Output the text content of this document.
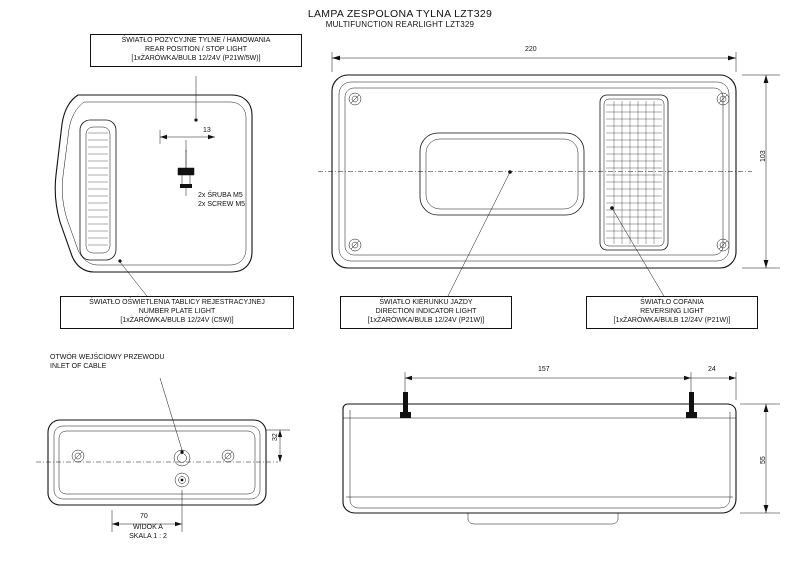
LAMPA ZESPOLONA TYLNA LZT329
MULTIFUNCTION REARLIGHT LZT329
ŚWIATŁO POZYCYJNE TYLNE / HAMOWANIA
REAR POSITION / STOP LIGHT
[1xŻARÓWKA/BULB 12/24V (P21W/5W)]
ŚWIATŁO OŚWIETLENIA TABLICY REJESTRACYJNEJ
NUMBER PLATE LIGHT
[1xŻARÓWKA/BULB 12/24V (C5W)]
ŚWIATŁO KIERUNKU JAZDY
DIRECTION INDICATOR LIGHT
[1xŻARÓWKA/BULB 12/24V (P21W)]
ŚWIATŁO COFANIA
REVERSING LIGHT
[1xŻARÓWKA/BULB 12/24V (P21W)]
2x ŚRUBA M5
2x SCREW M5
OTWÓR WEJŚCIOWY PRZEWODU
INLET OF CABLE
WIDOK A
SKALA 1 : 2
13
220
103
157	24
55
32
70
